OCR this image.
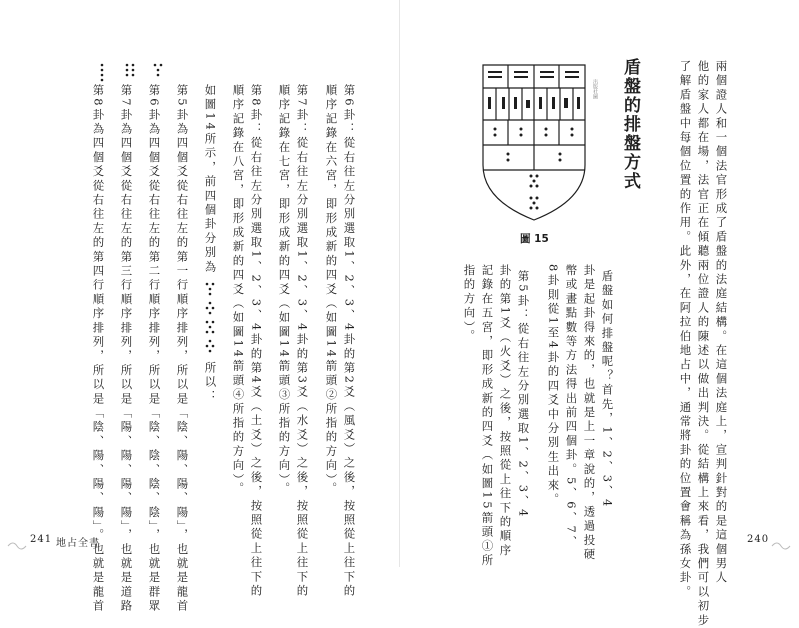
兩個證人和一個法官形成了盾盤的法庭結構。在這個法庭上，宣判針對的是這個男人
他的家人都在場，法官正在傾聽兩位證人的陳述以做出判決。從結構上來看，我們可以初步
了解盾盤中每個位置的作用。此外，在阿拉伯地占中，通常將卦的位置會稱為孫女卦。
盾盤的排盤方式
出版社圖
圖 15
盾盤如何排盤呢？首先，1、2、3、4
卦是起卦得來的，也就是上一章說的，透過投硬
幣或畫點數等方法得出前四個卦。5、6、7、
8卦則從1至4卦的四爻中分別生出來。
第5卦：從右往左分別選取1、2、3、4
卦的第1爻（火爻）之後，按照從上往下的順序
記錄在五宮，即形成新的四爻（如圖15箭頭①所
指的方向）。
240
第6卦：從右往左分別選取1、2、3、4卦的第2爻（風爻）之後，按照從上往下的
順序記錄在六宮，即形成新的四爻（如圖14箭頭②所指的方向）。
第7卦：從右往左分別選取1、2、3、4卦的第3爻（水爻）之後，按照從上往下的
順序記錄在七宮，即形成新的四爻（如圖14箭頭③所指的方向）。
第8卦：從右往左分別選取1、2、3、4卦的第4爻（土爻）之後，按照從上往下的
順序記錄在八宮，即形成新的四爻（如圖14箭頭④所指的方向）。
如圖14所示，前四個卦分別為  所以：
第5卦為四個爻從右往左的第一行順序排列，所以是「陰、陽、陽、陽」，也就是龍首
第6卦為四個爻從右往左的第二行順序排列，所以是「陰、陰、陰、陰」，也就是群眾
第7卦為四個爻從右往左的第三行順序排列，所以是「陽、陽、陽、陽」，也就是道路
第8卦為四個爻從右往左的第四行順序排列，所以是「陰、陽、陽、陽」。也就是龍首
241 地占全書
